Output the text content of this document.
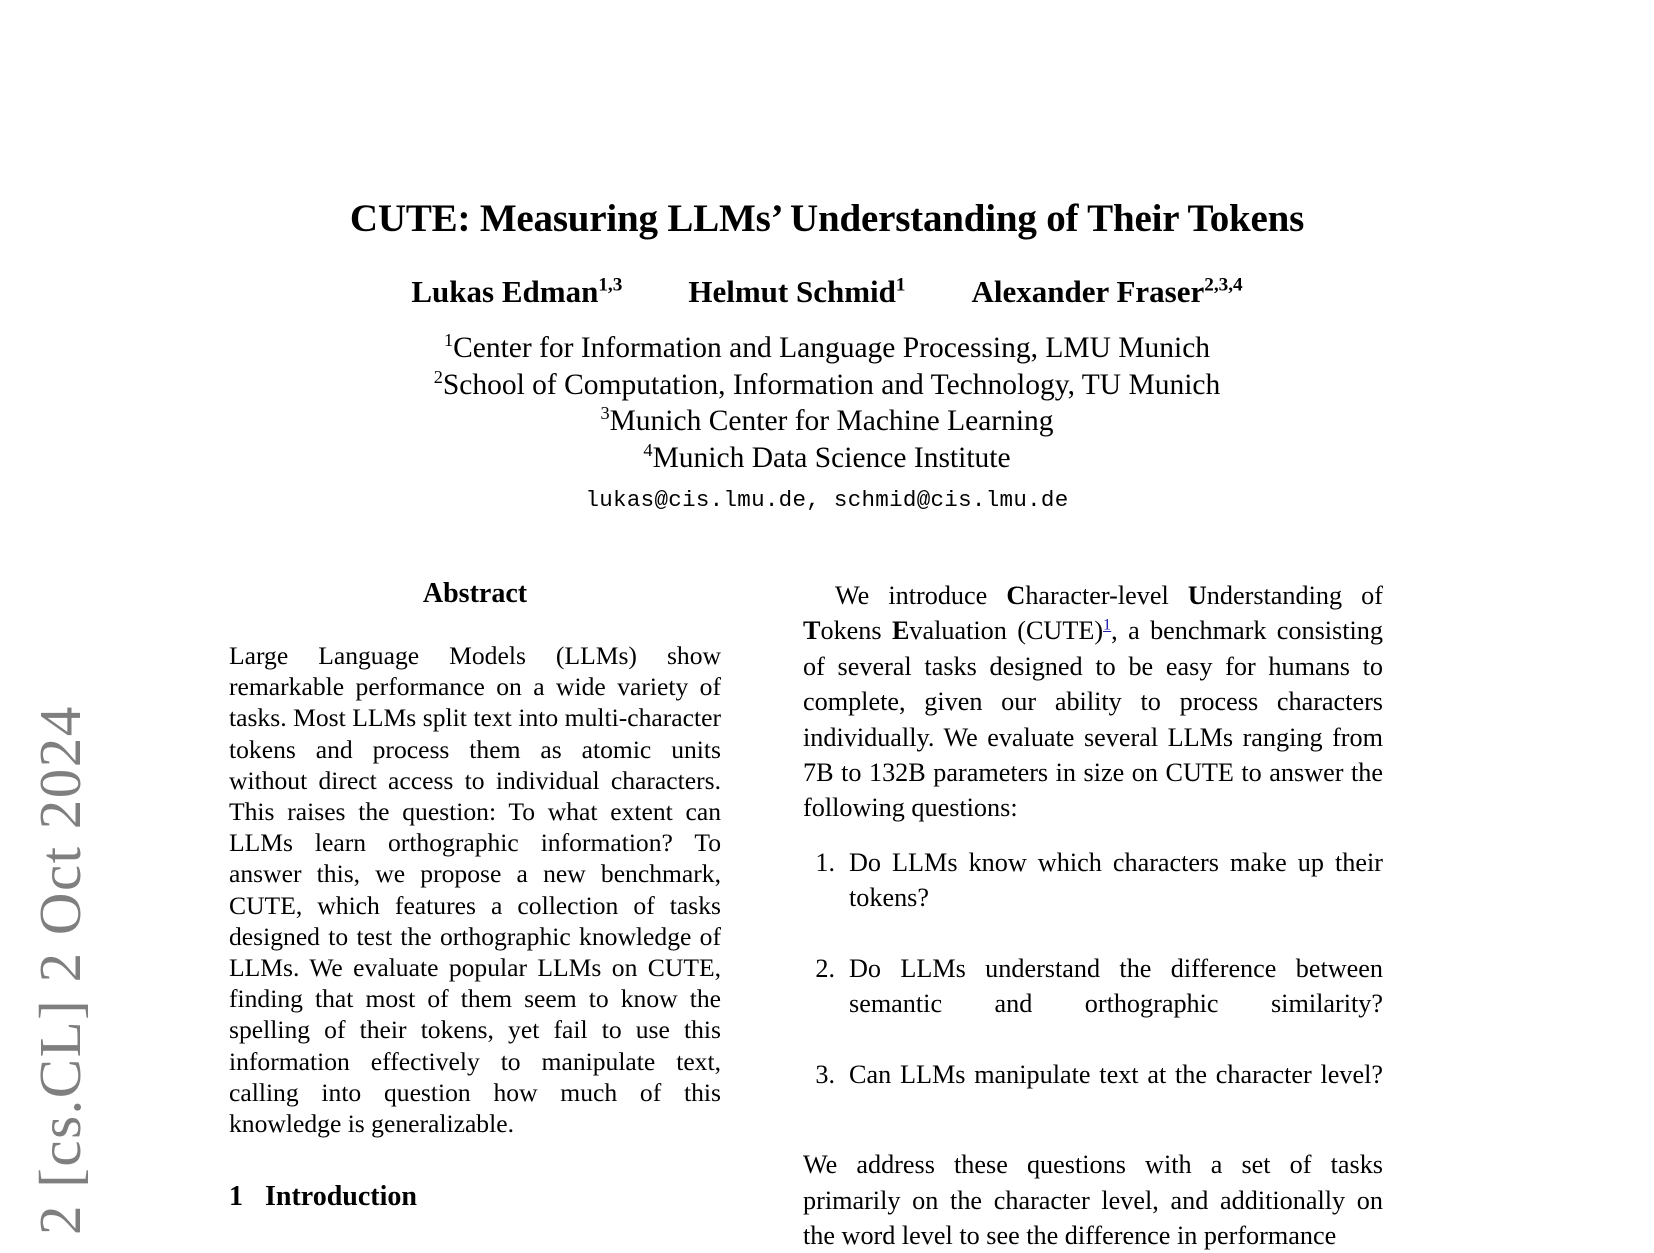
2 [cs.CL] 2 Oct 2024
CUTE: Measuring LLMs’ Understanding of Their Tokens
Lukas Edman$^{1,3}$ Helmut Schmid$^1$ Alexander Fraser$^{2,3,4}$
$^1$Center for Information and Language Processing, LMU Munich
$^2$School of Computation, Information and Technology, TU Munich
$^3$Munich Center for Machine Learning
$^4$Munich Data Science Institute
lukas@cis.lmu.de, schmid@cis.lmu.de
Abstract

Large Language Models (LLMs) show remarkable performance on a wide variety of tasks. Most LLMs split text into multi-character tokens and process them as atomic units without direct access to individual characters. This raises the question: To what extent can LLMs learn orthographic information? To answer this, we propose a new benchmark, CUTE, which features a collection of tasks designed to test the orthographic knowledge of LLMs. We evaluate popular LLMs on CUTE, finding that most of them seem to know the spelling of their tokens, yet fail to use this information effectively to manipulate text, calling into question how much of this knowledge is generalizable.

1 Introduction

We introduce Character-level Understanding of Tokens Evaluation (CUTE)$^1$, a benchmark consisting of several tasks designed to be easy for humans to complete, given our ability to process characters individually. We evaluate several LLMs ranging from 7B to 132B parameters in size on CUTE to answer the following questions:

1. Do LLMs know which characters make up their tokens?
2. Do LLMs understand the difference between semantic and orthographic similarity?
3. Can LLMs manipulate text at the character level?

We address these questions with a set of tasks primarily on the character level, and additionally on the word level to see the difference in performance
